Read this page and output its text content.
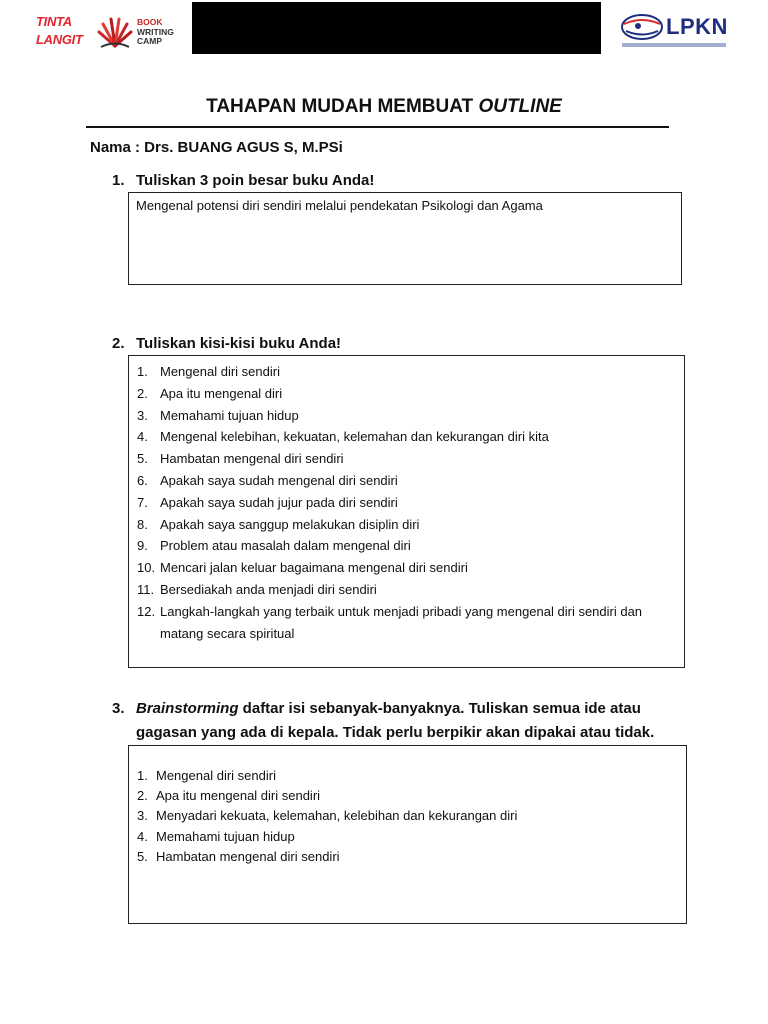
TINTA
LANGIT
BOOK
WRITING
CAMP
LPKN
TAHAPAN MUDAH MEMBUAT OUTLINE
Nama : Drs. BUANG AGUS S, M.PSi
1. Tuliskan 3 poin besar buku Anda!
Mengenal potensi diri sendiri melalui pendekatan Psikologi dan Agama
2. Tuliskan kisi-kisi buku Anda!
1. Mengenal diri sendiri
2. Apa itu mengenal diri
3. Memahami tujuan hidup
4. Mengenal kelebihan, kekuatan, kelemahan dan kekurangan diri kita
5. Hambatan mengenal diri sendiri
6. Apakah saya sudah mengenal diri sendiri
7. Apakah saya sudah jujur pada diri sendiri
8. Apakah saya sanggup melakukan disiplin diri
9. Problem atau masalah dalam mengenal diri
10. Mencari jalan keluar bagaimana mengenal diri sendiri
11. Bersediakah anda menjadi diri sendiri
12. Langkah-langkah yang terbaik untuk menjadi pribadi yang mengenal diri sendiri dan matang secara spiritual
3. Brainstorming daftar isi sebanyak-banyaknya. Tuliskan semua ide atau
gagasan yang ada di kepala. Tidak perlu berpikir akan dipakai atau tidak.
1. Mengenal diri sendiri
2. Apa itu mengenal diri sendiri
3. Menyadari kekuata, kelemahan, kelebihan dan kekurangan diri
4. Memahami tujuan hidup
5. Hambatan mengenal diri sendiri
